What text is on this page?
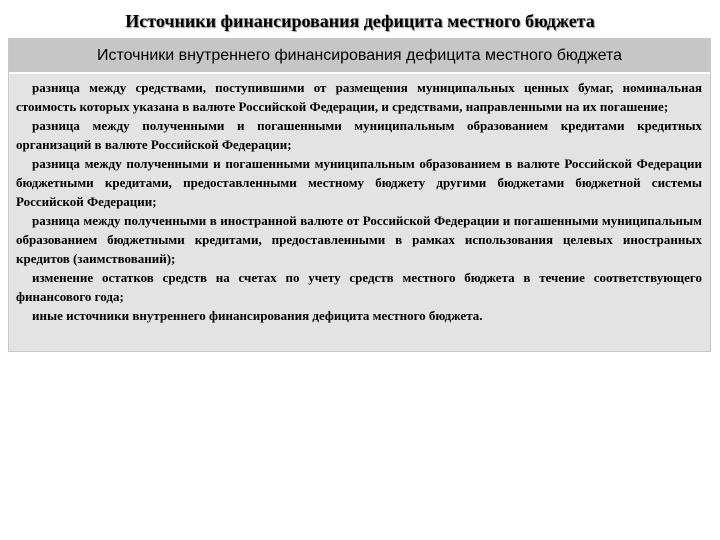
Источники финансирования дефицита местного бюджета
Источники внутреннего финансирования дефицита местного бюджета

разница между средствами, поступившими от размещения муниципальных ценных бумаг, номинальная стоимость которых указана в валюте Российской Федерации, и средствами, направленными на их погашение;

разница между полученными и погашенными муниципальным образованием кредитами кредитных организаций в валюте Российской Федерации;

разница между полученными и погашенными муниципальным образованием в валюте Российской Федерации бюджетными кредитами, предоставленными местному бюджету другими бюджетами бюджетной системы Российской Федерации;

разница между полученными в иностранной валюте от Российской Федерации и погашенными муниципальным образованием бюджетными кредитами, предоставленными в рамках использования целевых иностранных кредитов (заимствований);

изменение остатков средств на счетах по учету средств местного бюджета в течение соответствующего финансового года;

иные источники внутреннего финансирования дефицита местного бюджета.
